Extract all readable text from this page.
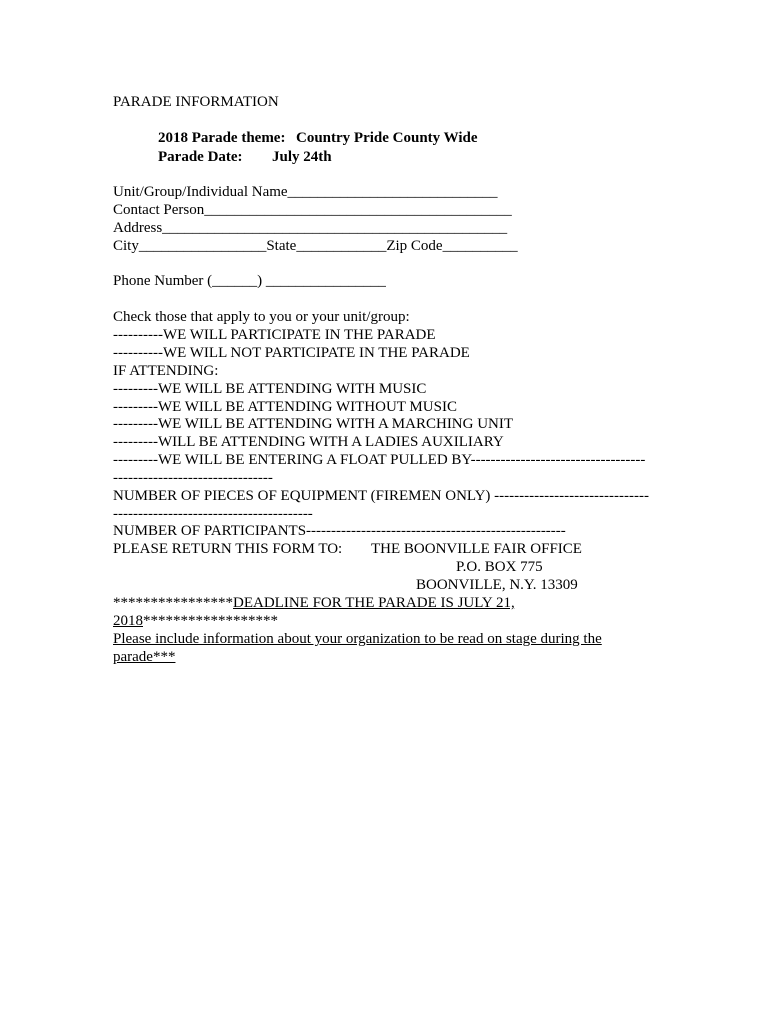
PARADE INFORMATION
2018 Parade theme: Country Pride County Wide
Parade Date: July 24th
Unit/Group/Individual Name____________________________
Contact Person_________________________________________
Address______________________________________________
City_________________State____________Zip Code__________
Phone Number (______) ________________
Check those that apply to you or your unit/group:
----------WE WILL PARTICIPATE IN THE PARADE
----------WE WILL NOT PARTICIPATE IN THE PARADE
IF ATTENDING:
---------WE WILL BE ATTENDING WITH MUSIC
---------WE WILL BE ATTENDING WITHOUT MUSIC
---------WE WILL BE ATTENDING WITH A MARCHING UNIT
---------WILL BE ATTENDING WITH A LADIES AUXILIARY
---------WE WILL BE ENTERING A FLOAT PULLED BY-----------------------------------
--------------------------------
NUMBER OF PIECES OF EQUIPMENT (FIREMEN ONLY) -------------------------------
----------------------------------------
NUMBER OF PARTICIPANTS----------------------------------------------------
PLEASE RETURN THIS FORM TO: THE BOONVILLE FAIR OFFICE
P.O. BOX 775
BOONVILLE, N.Y. 13309
****************DEADLINE FOR THE PARADE IS JULY 21,
2018******************
Please include information about your organization to be read on stage during the
parade***
